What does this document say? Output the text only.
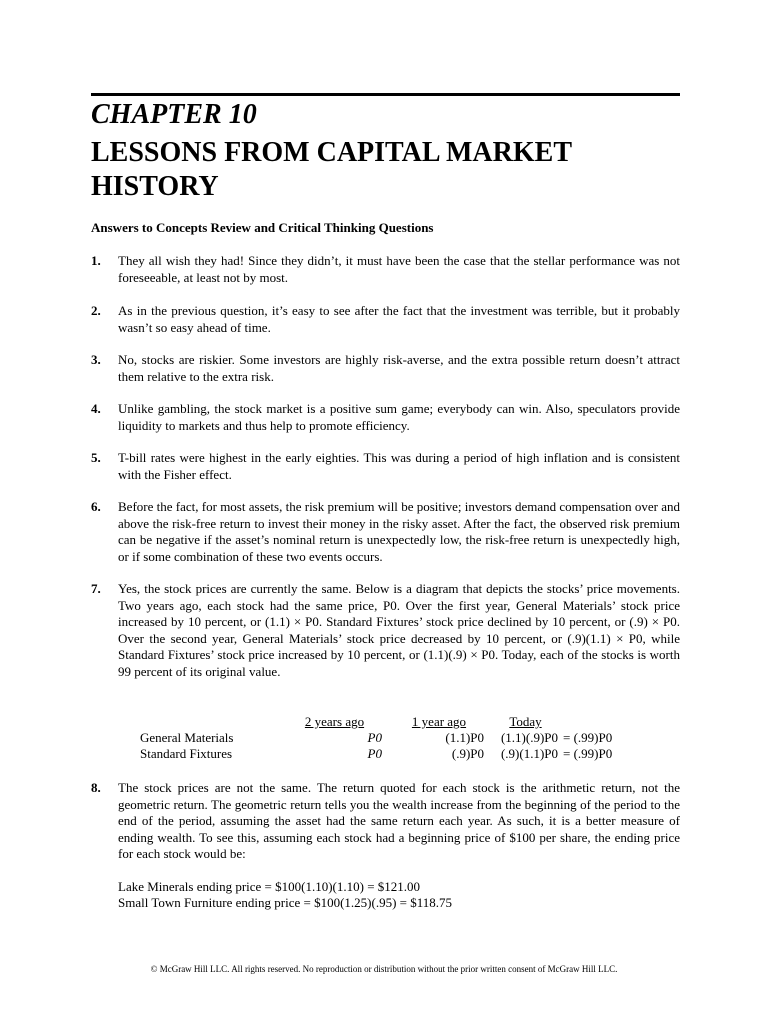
CHAPTER 10
LESSONS FROM CAPITAL MARKET HISTORY
Answers to Concepts Review and Critical Thinking Questions
1. They all wish they had! Since they didn’t, it must have been the case that the stellar performance was not foreseeable, at least not by most.
2. As in the previous question, it’s easy to see after the fact that the investment was terrible, but it probably wasn’t so easy ahead of time.
3. No, stocks are riskier. Some investors are highly risk-averse, and the extra possible return doesn’t attract them relative to the extra risk.
4. Unlike gambling, the stock market is a positive sum game; everybody can win. Also, speculators provide liquidity to markets and thus help to promote efficiency.
5. T-bill rates were highest in the early eighties. This was during a period of high inflation and is consistent with the Fisher effect.
6. Before the fact, for most assets, the risk premium will be positive; investors demand compensation over and above the risk-free return to invest their money in the risky asset. After the fact, the observed risk premium can be negative if the asset’s nominal return is unexpectedly low, the risk-free return is unexpectedly high, or if some combination of these two events occurs.
7. Yes, the stock prices are currently the same. Below is a diagram that depicts the stocks’ price movements. Two years ago, each stock had the same price, P0. Over the first year, General Materials’ stock price increased by 10 percent, or (1.1) × P0. Standard Fixtures’ stock price declined by 10 percent, or (.9) × P0. Over the second year, General Materials’ stock price decreased by 10 percent, or (.9)(1.1) × P0, while Standard Fixtures’ stock price increased by 10 percent, or (1.1)(.9) × P0. Today, each of the stocks is worth 99 percent of its original value.
	2 years ago		1 year ago		Today	
General Materials	P0		(1.1)P0		(1.1)(.9)P0	= (.99)P0
Standard Fixtures	P0		(.9)P0		(.9)(1.1)P0	= (.99)P0
8. The stock prices are not the same. The return quoted for each stock is the arithmetic return, not the geometric return. The geometric return tells you the wealth increase from the beginning of the period to the end of the period, assuming the asset had the same return each year. As such, it is a better measure of ending wealth. To see this, assuming each stock had a beginning price of $100 per share, the ending price for each stock would be:
Lake Minerals ending price = $100(1.10)(1.10) = $121.00
Small Town Furniture ending price = $100(1.25)(.95) = $118.75
© McGraw Hill LLC. All rights reserved. No reproduction or distribution without the prior written consent of McGraw Hill LLC.
